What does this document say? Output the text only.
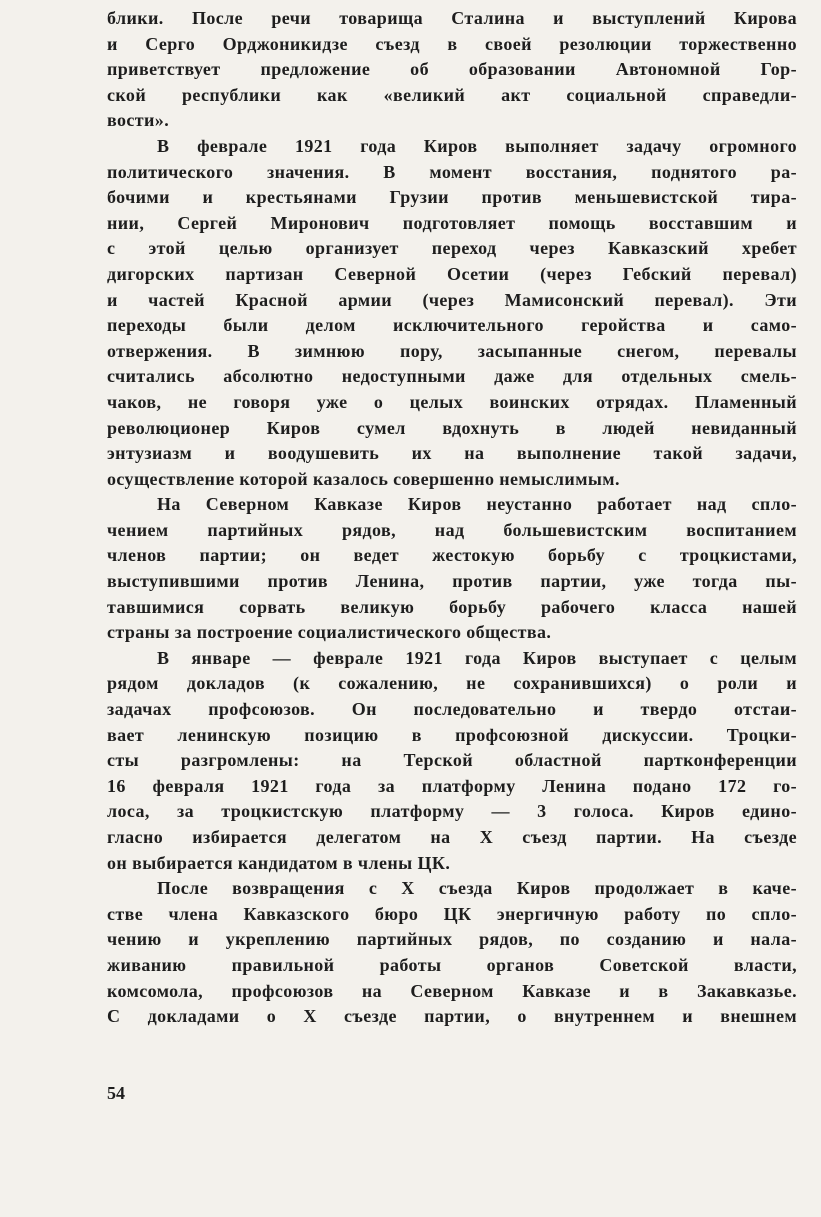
блики. После речи товарища Сталина и выступлений Кирова
и Серго Орджоникидзе съезд в своей резолюции торжественно
приветствует предложение об образовании Автономной Гор-
ской республики как «великий акт социальной справедли-
вости».
В феврале 1921 года Киров выполняет задачу огромного
политического значения. В момент восстания, поднятого ра-
бочими и крестьянами Грузии против меньшевистской тира-
нии, Сергей Миронович подготовляет помощь восставшим и
с этой целью организует переход через Кавказский хребет
дигорских партизан Северной Осетии (через Гебский перевал)
и частей Красной армии (через Мамисонский перевал). Эти
переходы были делом исключительного геройства и само-
отвержения. В зимнюю пору, засыпанные снегом, перевалы
считались абсолютно недоступными даже для отдельных смель-
чаков, не говоря уже о целых воинских отрядах. Пламенный
революционер Киров сумел вдохнуть в людей невиданный
энтузиазм и воодушевить их на выполнение такой задачи,
осуществление которой казалось совершенно немыслимым.
На Северном Кавказе Киров неустанно работает над спло-
чением партийных рядов, над большевистским воспитанием
членов партии; он ведет жестокую борьбу с троцкистами,
выступившими против Ленина, против партии, уже тогда пы-
тавшимися сорвать великую борьбу рабочего класса нашей
страны за построение социалистического общества.
В январе — феврале 1921 года Киров выступает с целым
рядом докладов (к сожалению, не сохранившихся) о роли и
задачах профсоюзов. Он последовательно и твердо отстаи-
вает ленинскую позицию в профсоюзной дискуссии. Троцки-
сты разгромлены: на Терской областной партконференции
16 февраля 1921 года за платформу Ленина подано 172 го-
лоса, за троцкистскую платформу — 3 голоса. Киров едино-
гласно избирается делегатом на X съезд партии. На съезде
он выбирается кандидатом в члены ЦК.
После возвращения с X съезда Киров продолжает в каче-
стве члена Кавказского бюро ЦК энергичную работу по спло-
чению и укреплению партийных рядов, по созданию и нала-
живанию правильной работы органов Советской власти,
комсомола, профсоюзов на Северном Кавказе и в Закавказье.
С докладами о X съезде партии, о внутреннем и внешнем
54
